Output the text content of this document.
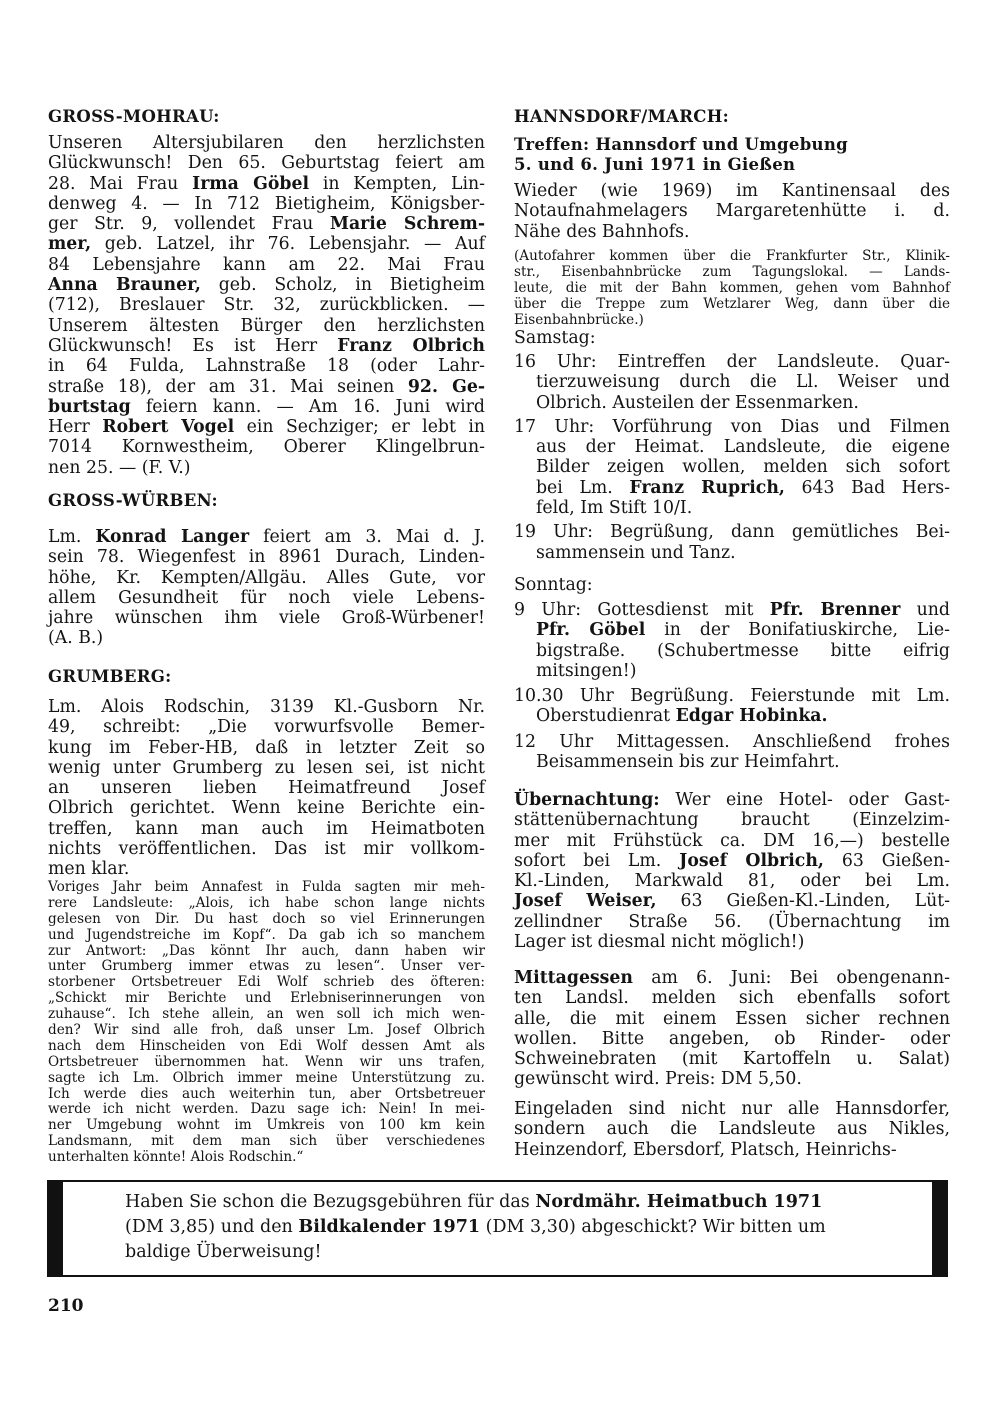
GROSS-MOHRAU:
Unseren Altersjubilaren den herzlichsten
Glückwunsch! Den 65. Geburtstag feiert am
28. Mai Frau Irma Göbel in Kempten, Lin-
denweg 4. — In 712 Bietigheim, Königsber-
ger Str. 9, vollendet Frau Marie Schrem-
mer, geb. Latzel, ihr 76. Lebensjahr. — Auf
84 Lebensjahre kann am 22. Mai Frau
Anna Brauner, geb. Scholz, in Bietigheim
(712), Breslauer Str. 32, zurückblicken. —
Unserem ältesten Bürger den herzlichsten
Glückwunsch! Es ist Herr Franz Olbrich
in 64 Fulda, Lahnstraße 18 (oder Lahr-
straße 18), der am 31. Mai seinen 92. Ge-
burtstag feiern kann. — Am 16. Juni wird
Herr Robert Vogel ein Sechziger; er lebt in
7014 Kornwestheim, Oberer Klingelbrun-
nen 25. — (F. V.)
GROSS-WÜRBEN:
Lm. Konrad Langer feiert am 3. Mai d. J.
sein 78. Wiegenfest in 8961 Durach, Linden-
höhe, Kr. Kempten/Allgäu. Alles Gute, vor
allem Gesundheit für noch viele Lebens-
jahre wünschen ihm viele Groß-Würbener!
(A. B.)
GRUMBERG:
Lm. Alois Rodschin, 3139 Kl.-Gusborn Nr.
49, schreibt: „Die vorwurfsvolle Bemer-
kung im Feber-HB, daß in letzter Zeit so
wenig unter Grumberg zu lesen sei, ist nicht
an unseren lieben Heimatfreund Josef
Olbrich gerichtet. Wenn keine Berichte ein-
treffen, kann man auch im Heimatboten
nichts veröffentlichen. Das ist mir vollkom-
men klar.
Voriges Jahr beim Annafest in Fulda sagten mir meh-
rere Landsleute: „Alois, ich habe schon lange nichts
gelesen von Dir. Du hast doch so viel Erinnerungen
und Jugendstreiche im Kopf“. Da gab ich so manchem
zur Antwort: „Das könnt Ihr auch, dann haben wir
unter Grumberg immer etwas zu lesen“. Unser ver-
storbener Ortsbetreuer Edi Wolf schrieb des öfteren:
„Schickt mir Berichte und Erlebniserinnerungen von
zuhause“. Ich stehe allein, an wen soll ich mich wen-
den? Wir sind alle froh, daß unser Lm. Josef Olbrich
nach dem Hinscheiden von Edi Wolf dessen Amt als
Ortsbetreuer übernommen hat. Wenn wir uns trafen,
sagte ich Lm. Olbrich immer meine Unterstützung zu.
Ich werde dies auch weiterhin tun, aber Ortsbetreuer
werde ich nicht werden. Dazu sage ich: Nein! In mei-
ner Umgebung wohnt im Umkreis von 100 km kein
Landsmann, mit dem man sich über verschiedenes
unterhalten könnte! Alois Rodschin.“
HANNSDORF/MARCH:
Treffen: Hannsdorf und Umgebung
5. und 6. Juni 1971 in Gießen
Wieder (wie 1969) im Kantinensaal des
Notaufnahmelagers Margaretenhütte i. d.
Nähe des Bahnhofs.
(Autofahrer kommen über die Frankfurter Str., Klinik-
str., Eisenbahnbrücke zum Tagungslokal. — Lands-
leute, die mit der Bahn kommen, gehen vom Bahnhof
über die Treppe zum Wetzlarer Weg, dann über die
Eisenbahnbrücke.)
Samstag:
16 Uhr: Eintreffen der Landsleute. Quar-
tierzuweisung durch die Ll. Weiser und
Olbrich. Austeilen der Essenmarken.
17 Uhr: Vorführung von Dias und Filmen
aus der Heimat. Landsleute, die eigene
Bilder zeigen wollen, melden sich sofort
bei Lm. Franz Ruprich, 643 Bad Hers-
feld, Im Stift 10/I.
19 Uhr: Begrüßung, dann gemütliches Bei-
sammensein und Tanz.
Sonntag:
9 Uhr: Gottesdienst mit Pfr. Brenner und
Pfr. Göbel in der Bonifatiuskirche, Lie-
bigstraße. (Schubertmesse bitte eifrig
mitsingen!)
10.30 Uhr Begrüßung. Feierstunde mit Lm.
Oberstudienrat Edgar Hobinka.
12 Uhr Mittagessen. Anschließend frohes
Beisammensein bis zur Heimfahrt.
Übernachtung: Wer eine Hotel- oder Gast-
stättenübernachtung braucht (Einzelzim-
mer mit Frühstück ca. DM 16,—) bestelle
sofort bei Lm. Josef Olbrich, 63 Gießen-
Kl.-Linden, Markwald 81, oder bei Lm.
Josef Weiser, 63 Gießen-Kl.-Linden, Lüt-
zellindner Straße 56. (Übernachtung im
Lager ist diesmal nicht möglich!)
Mittagessen am 6. Juni: Bei obengenann-
ten Landsl. melden sich ebenfalls sofort
alle, die mit einem Essen sicher rechnen
wollen. Bitte angeben, ob Rinder- oder
Schweinebraten (mit Kartoffeln u. Salat)
gewünscht wird. Preis: DM 5,50.
Eingeladen sind nicht nur alle Hannsdorfer,
sondern auch die Landsleute aus Nikles,
Heinzendorf, Ebersdorf, Platsch, Heinrichs-
Haben Sie schon die Bezugsgebühren für das Nordmähr. Heimatbuch 1971
(DM 3,85) und den Bildkalender 1971 (DM 3,30) abgeschickt? Wir bitten um
baldige Überweisung!
210
